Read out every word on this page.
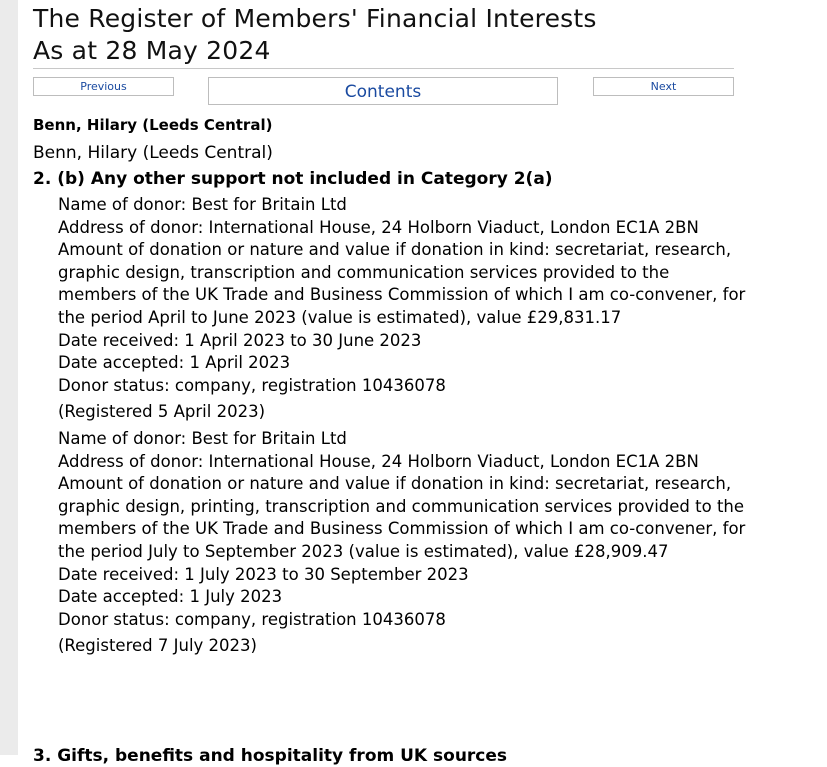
The Register of Members' Financial Interests
As at 28 May 2024
Previous	Contents	Next

Benn, Hilary (Leeds Central)

Benn, Hilary (Leeds Central)

2. (b) Any other support not included in Category 2(a)

Name of donor: Best for Britain Ltd

Address of donor: International House, 24 Holborn Viaduct, London EC1A 2BN

Amount of donation or nature and value if donation in kind: secretariat, research, graphic design, transcription and communication services provided to the members of the UK Trade and Business Commission of which I am co-convener, for the period April to June 2023 (value is estimated), value £29,831.17

Date received: 1 April 2023 to 30 June 2023

Date accepted: 1 April 2023

Donor status: company, registration 10436078

(Registered 5 April 2023)

Name of donor: Best for Britain Ltd

Address of donor: International House, 24 Holborn Viaduct, London EC1A 2BN

Amount of donation or nature and value if donation in kind: secretariat, research, graphic design, printing, transcription and communication services provided to the members of the UK Trade and Business Commission of which I am co-convener, for the period July to September 2023 (value is estimated), value £28,909.47

Date received: 1 July 2023 to 30 September 2023

Date accepted: 1 July 2023

Donor status: company, registration 10436078

(Registered 7 July 2023)

3. Gifts, benefits and hospitality from UK sources
